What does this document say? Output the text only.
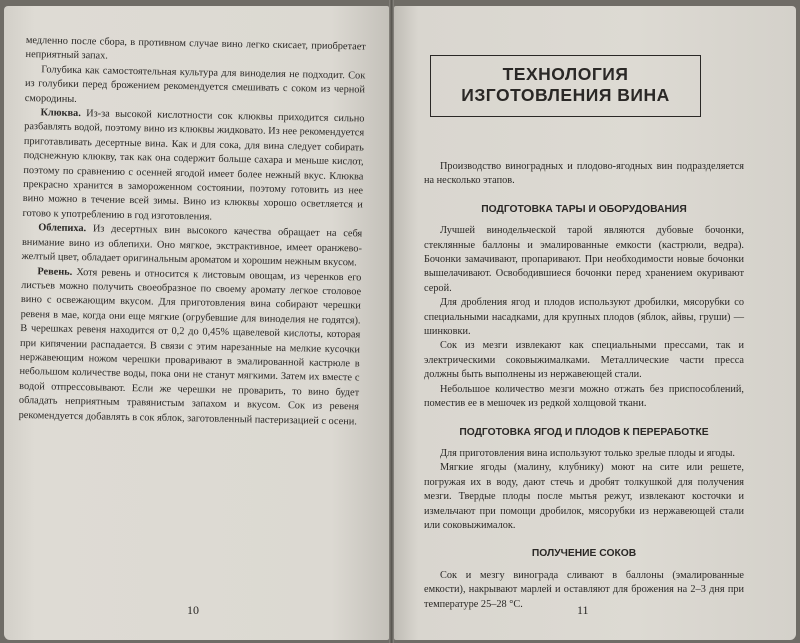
медленно после сбора, в противном случае вино легко скисает, приобретает неприятный запах.

Голубика как самостоятельная культура для виноделия не подходит. Сок из голубики перед брожением рекомендуется смешивать с соком из черной смородины.

Клюква. Из-за высокой кислотности сок клюквы приходится сильно разбавлять водой, поэтому вино из клюквы жидковато. Из нее рекомендуется приготавливать десертные вина. Как и для сока, для вина следует собирать подснежную клюкву, так как она содержит больше сахара и меньше кислот, поэтому по сравнению с осенней ягодой имеет более нежный вкус. Клюква прекрасно хранится в замороженном состоянии, поэтому готовить из нее вино можно в течение всей зимы. Вино из клюквы хорошо осветляется и готово к употреблению в год изготовления.

Облепиха. Из десертных вин высокого качества обращает на себя внимание вино из облепихи. Оно мягкое, экстрактивное, имеет оранжево-желтый цвет, обладает оригинальным ароматом и хорошим нежным вкусом.

Ревень. Хотя ревень и относится к листовым овощам, из черенков его листьев можно получить своеобразное по своему аромату легкое столовое вино с освежающим вкусом. Для приготовления вина собирают черешки ревеня в мае, когда они еще мягкие (огрубевшие для виноделия не годятся). В черешках ревеня находится от 0,2 до 0,45% щавелевой кислоты, которая при кипячении распадается. В связи с этим нарезанные на мелкие кусочки нержавеющим ножом черешки проваривают в эмалированной кастрюле в небольшом количестве воды, пока они не станут мягкими. Затем их вместе с водой отпрессовывают. Если же черешки не проварить, то вино будет обладать неприятным травянистым запахом и вкусом. Сок из ревеня рекомендуется добавлять в сок яблок, заготовленный пастеризацией с осени.

10
ТЕХНОЛОГИЯ
ИЗГОТОВЛЕНИЯ ВИНА

Производство виноградных и плодово-ягодных вин подразделяется на несколько этапов.

ПОДГОТОВКА ТАРЫ И ОБОРУДОВАНИЯ

Лучшей винодельческой тарой являются дубовые бочонки, стеклянные баллоны и эмалированные емкости (кастрюли, ведра). Бочонки замачивают, пропаривают. При необходимости новые бочонки вышелачивают. Освободившиеся бочонки перед хранением окуривают серой.

Для дробления ягод и плодов используют дробилки, мясорубки со специальными насадками, для крупных плодов (яблок, айвы, груши) — шинковки.

Сок из мезги извлекают как специальными прессами, так и электрическими соковыжималками. Металлические части пресса должны быть выполнены из нержавеющей стали.

Небольшое количество мезги можно отжать без приспособлений, поместив ее в мешочек из редкой холщовой ткани.

ПОДГОТОВКА ЯГОД И ПЛОДОВ К ПЕРЕРАБОТКЕ

Для приготовления вина используют только зрелые плоды и ягоды.

Мягкие ягоды (малину, клубнику) моют на сите или решете, погружая их в воду, дают стечь и дробят толкушкой для получения мезги. Твердые плоды после мытья режут, извлекают косточки и измельчают при помощи дробилок, мясорубки из нержавеющей стали или соковыжималок.

ПОЛУЧЕНИЕ СОКОВ

Сок и мезгу винограда сливают в баллоны (эмалированные емкости), накрывают марлей и оставляют для брожения на 2–3 дня при температуре 25–28 °С.	11
